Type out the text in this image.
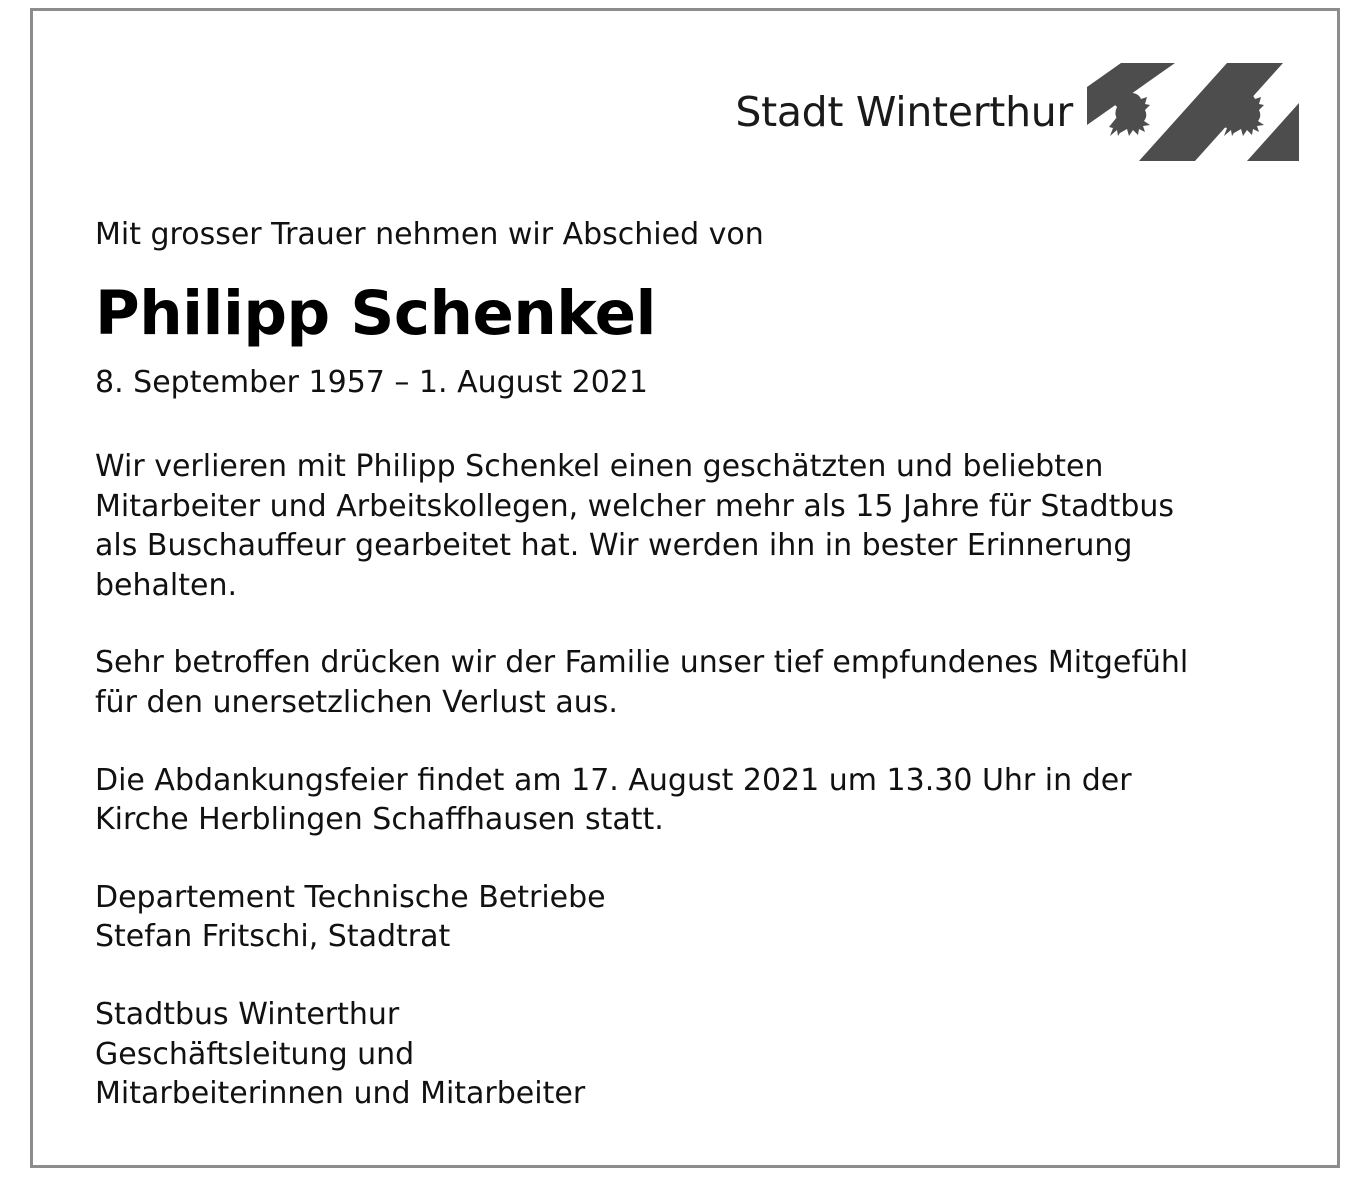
Stadt Winterthur

Mit grosser Trauer nehmen wir Abschied von

Philipp Schenkel

8. September 1957 – 1. August 2021

Wir verlieren mit Philipp Schenkel einen geschätzten und beliebten Mitarbeiter und Arbeitskollegen, welcher mehr als 15 Jahre für Stadtbus als Buschauffeur gearbeitet hat. Wir werden ihn in bester Erinnerung behalten.

Sehr betroffen drücken wir der Familie unser tief empfundenes Mitgefühl für den unersetzlichen Verlust aus.

Die Abdankungsfeier findet am 17. August 2021 um 13.30 Uhr in der Kirche Herblingen Schaffhausen statt.

Departement Technische Betriebe
Stefan Fritschi, Stadtrat
Stadtbus Winterthur
Geschäftsleitung und
Mitarbeiterinnen und Mitarbeiter
